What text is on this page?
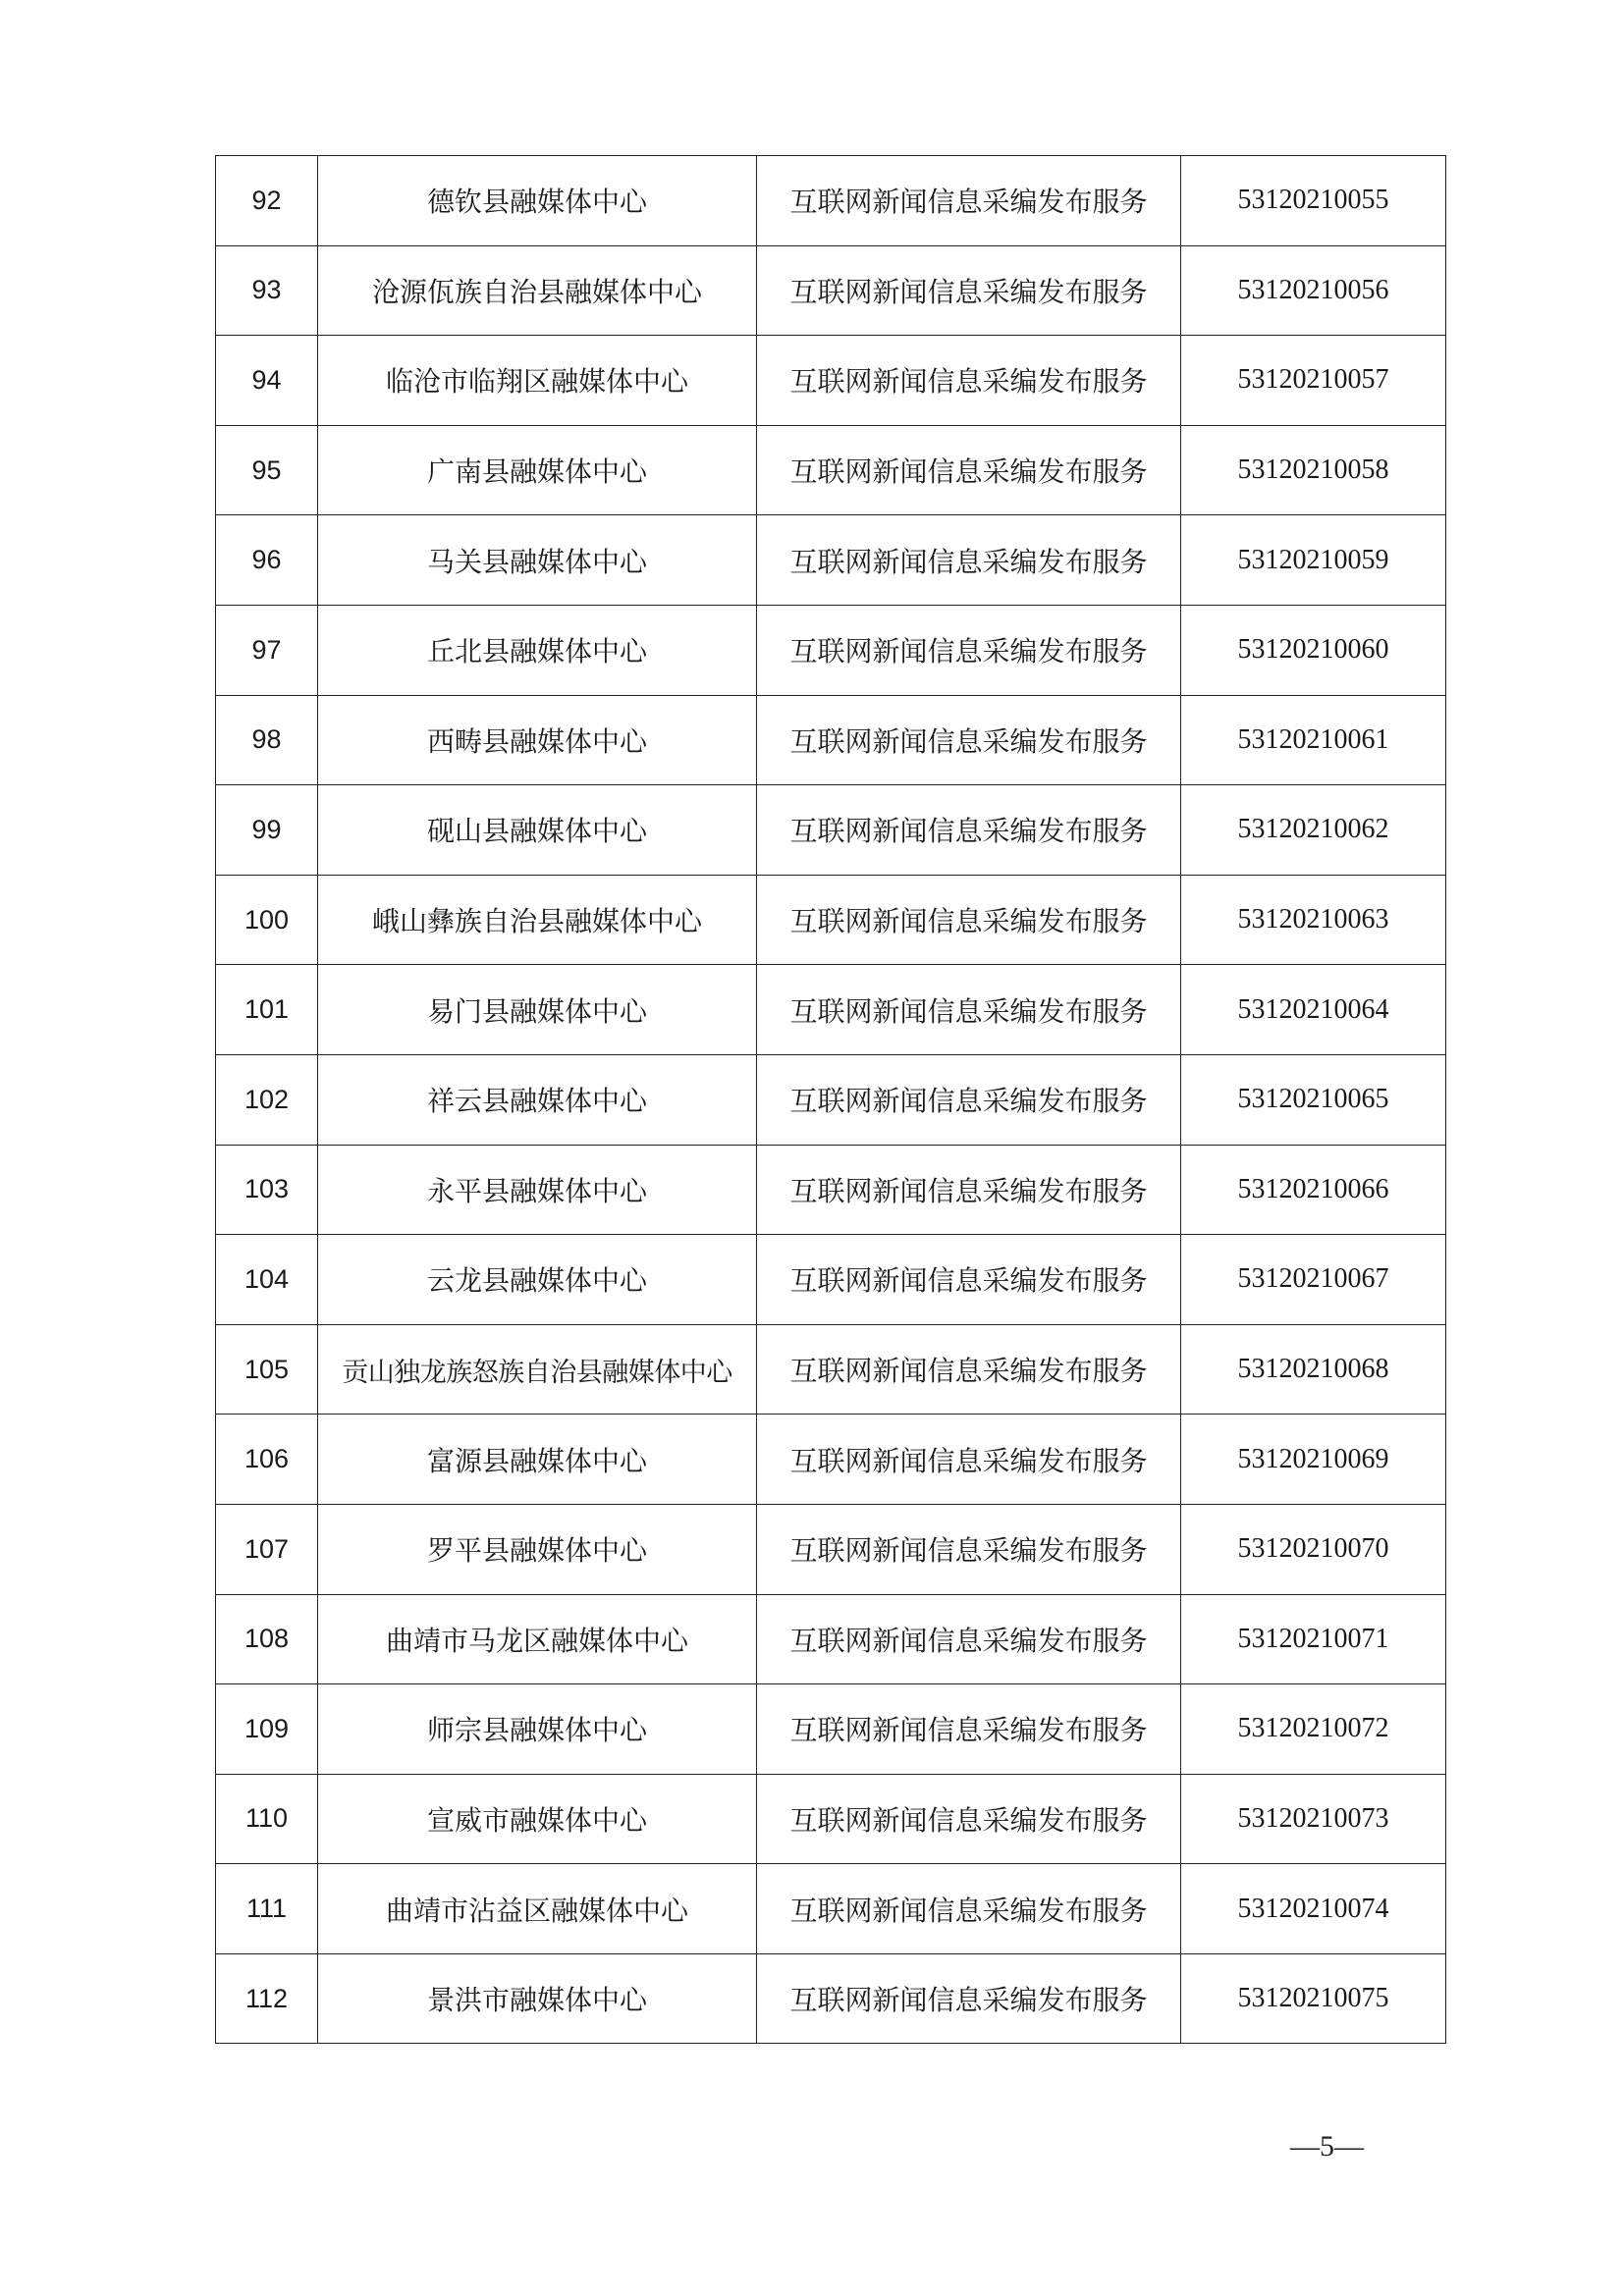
92	德钦县融媒体中心	互联网新闻信息采编发布服务	53120210055
93	沧源佤族自治县融媒体中心	互联网新闻信息采编发布服务	53120210056
94	临沧市临翔区融媒体中心	互联网新闻信息采编发布服务	53120210057
95	广南县融媒体中心	互联网新闻信息采编发布服务	53120210058
96	马关县融媒体中心	互联网新闻信息采编发布服务	53120210059
97	丘北县融媒体中心	互联网新闻信息采编发布服务	53120210060
98	西畴县融媒体中心	互联网新闻信息采编发布服务	53120210061
99	砚山县融媒体中心	互联网新闻信息采编发布服务	53120210062
100	峨山彝族自治县融媒体中心	互联网新闻信息采编发布服务	53120210063
101	易门县融媒体中心	互联网新闻信息采编发布服务	53120210064
102	祥云县融媒体中心	互联网新闻信息采编发布服务	53120210065
103	永平县融媒体中心	互联网新闻信息采编发布服务	53120210066
104	云龙县融媒体中心	互联网新闻信息采编发布服务	53120210067
105	贡山独龙族怒族自治县融媒体中心	互联网新闻信息采编发布服务	53120210068
106	富源县融媒体中心	互联网新闻信息采编发布服务	53120210069
107	罗平县融媒体中心	互联网新闻信息采编发布服务	53120210070
108	曲靖市马龙区融媒体中心	互联网新闻信息采编发布服务	53120210071
109	师宗县融媒体中心	互联网新闻信息采编发布服务	53120210072
110	宣威市融媒体中心	互联网新闻信息采编发布服务	53120210073
111	曲靖市沾益区融媒体中心	互联网新闻信息采编发布服务	53120210074
112	景洪市融媒体中心	互联网新闻信息采编发布服务	53120210075
—5—
